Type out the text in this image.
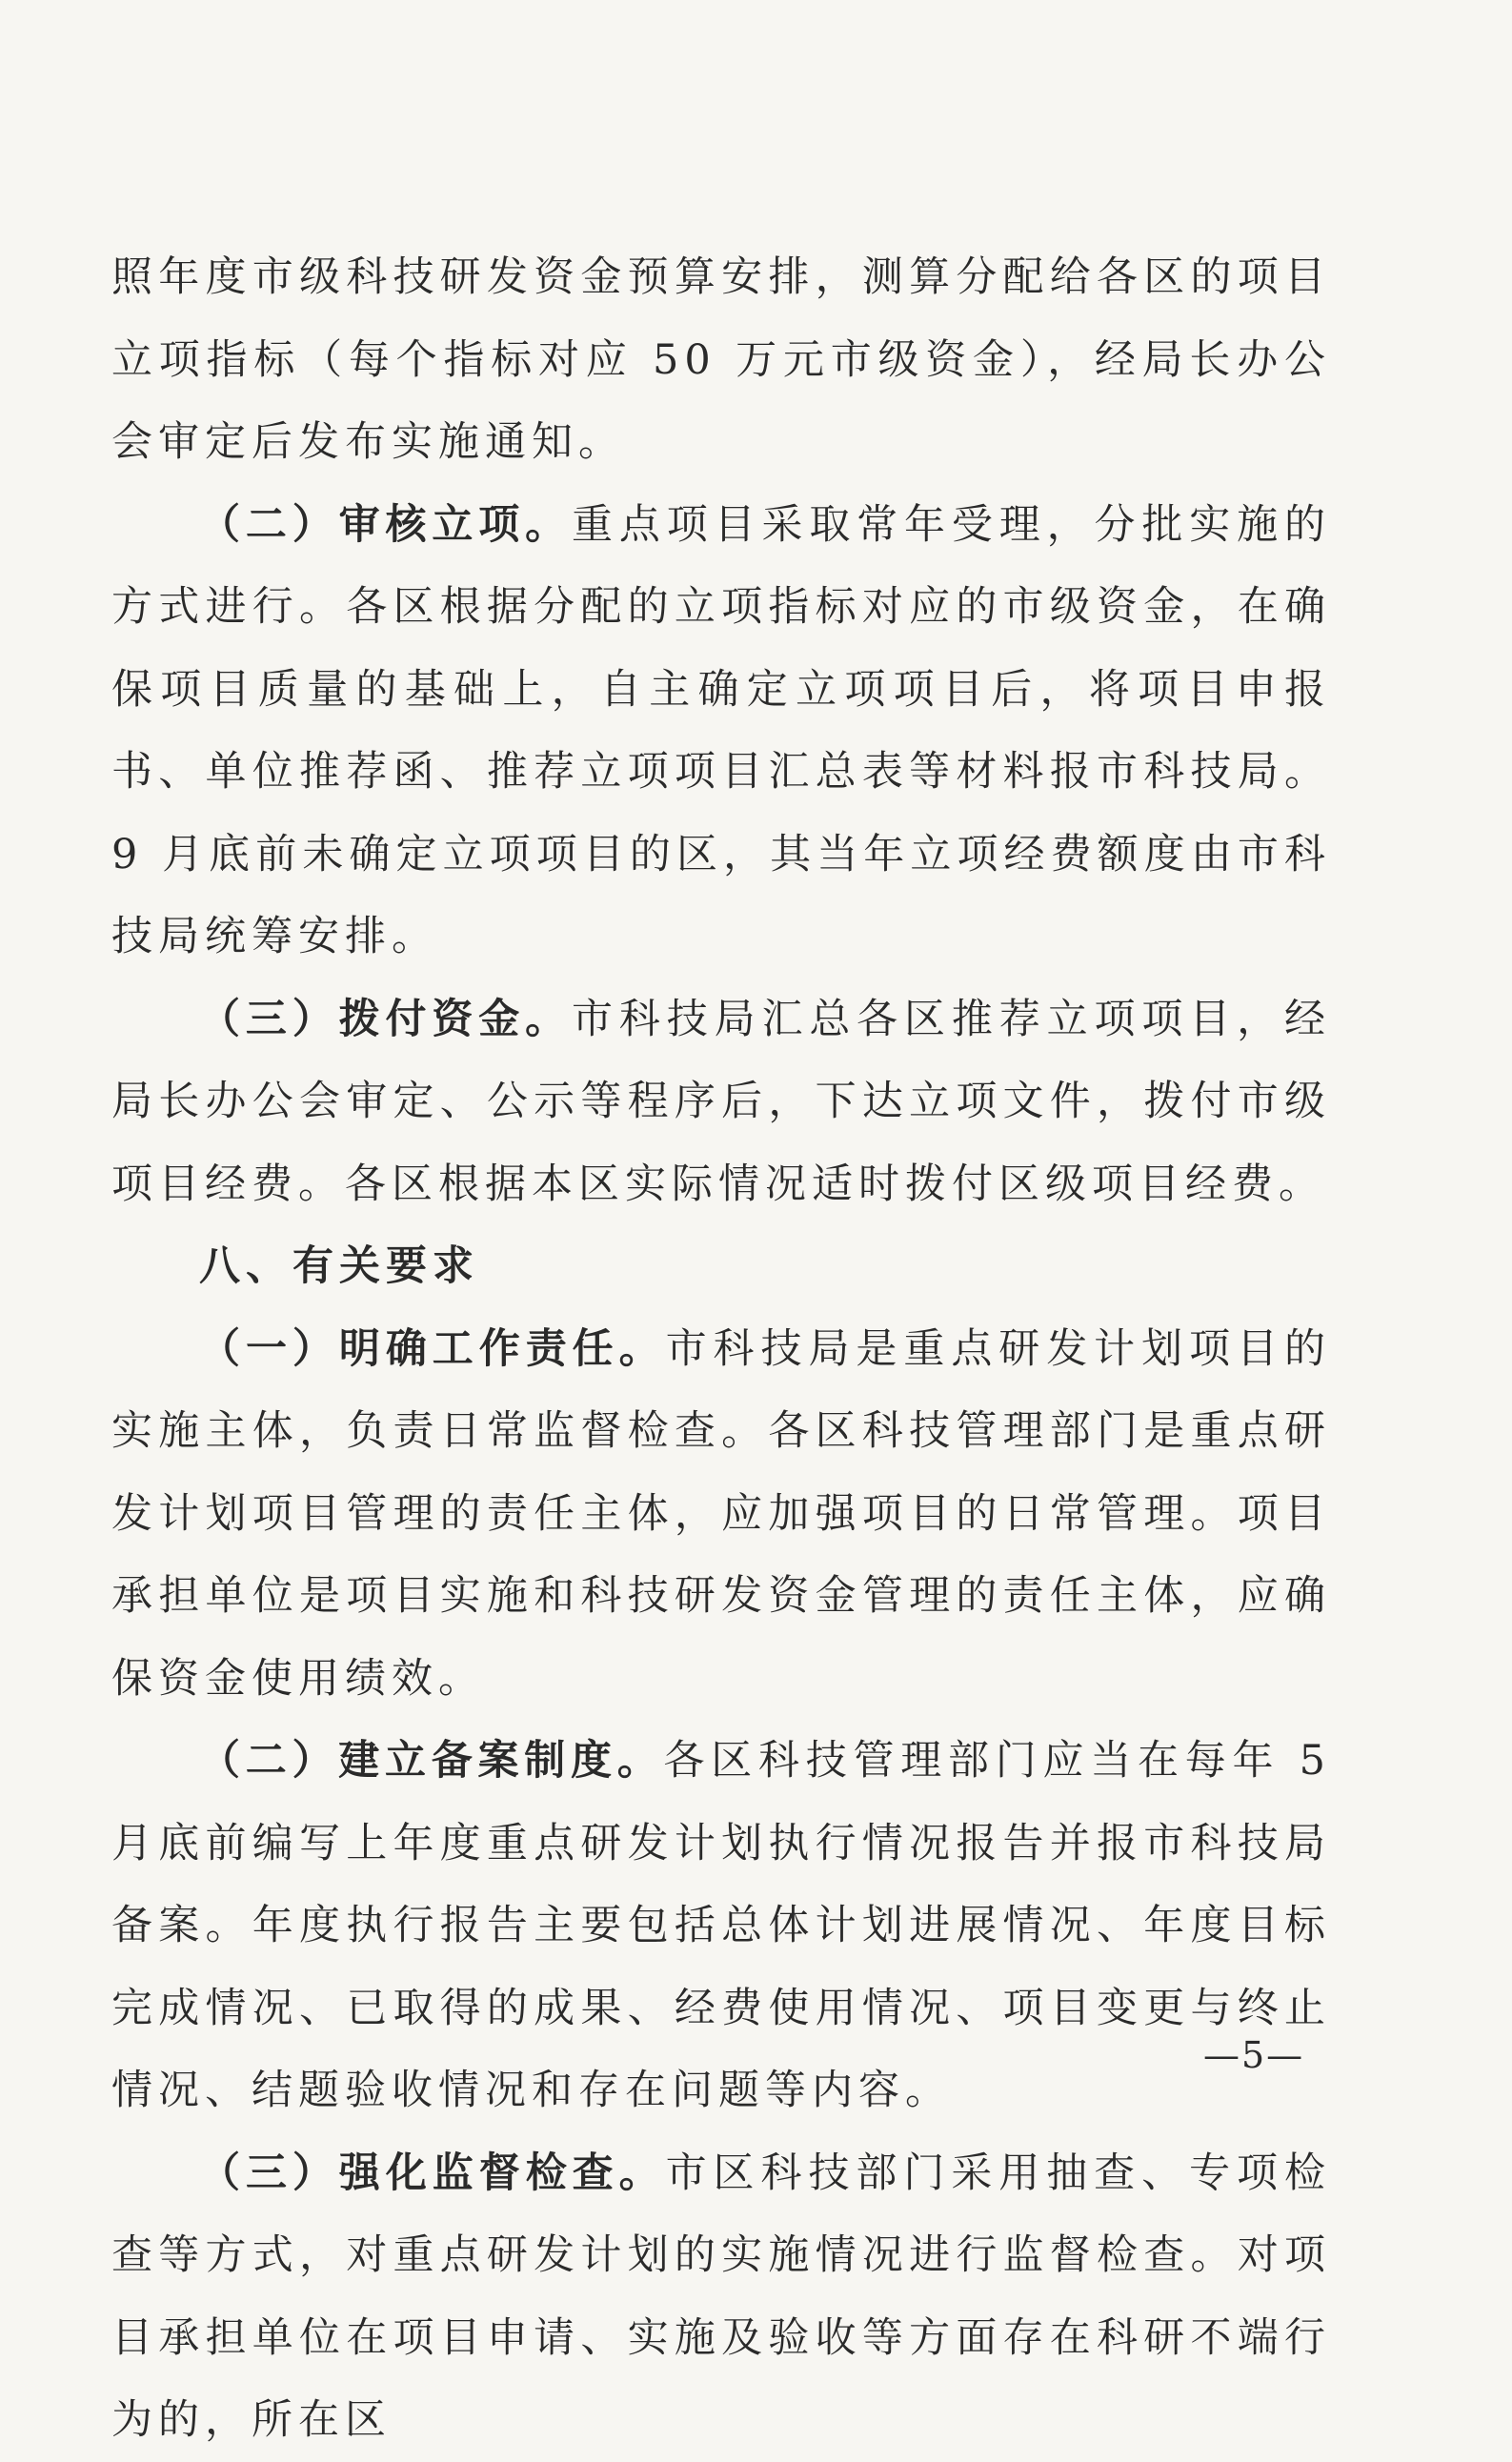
照年度市级科技研发资金预算安排，测算分配给各区的项目立项指标（每个指标对应 50 万元市级资金），经局长办公会审定后发布实施通知。

（二）审核立项。重点项目采取常年受理，分批实施的方式进行。各区根据分配的立项指标对应的市级资金，在确保项目质量的基础上，自主确定立项项目后，将项目申报书、单位推荐函、推荐立项项目汇总表等材料报市科技局。9 月底前未确定立项项目的区，其当年立项经费额度由市科技局统筹安排。

（三）拨付资金。市科技局汇总各区推荐立项项目，经局长办公会审定、公示等程序后，下达立项文件，拨付市级项目经费。各区根据本区实际情况适时拨付区级项目经费。

八、有关要求

（一）明确工作责任。市科技局是重点研发计划项目的实施主体，负责日常监督检查。各区科技管理部门是重点研发计划项目管理的责任主体，应加强项目的日常管理。项目承担单位是项目实施和科技研发资金管理的责任主体，应确保资金使用绩效。

（二）建立备案制度。各区科技管理部门应当在每年 5 月底前编写上年度重点研发计划执行情况报告并报市科技局备案。年度执行报告主要包括总体计划进展情况、年度目标完成情况、已取得的成果、经费使用情况、项目变更与终止情况、结题验收情况和存在问题等内容。

（三）强化监督检查。市区科技部门采用抽查、专项检查等方式，对重点研发计划的实施情况进行监督检查。对项目承担单位在项目申请、实施及验收等方面存在科研不端行为的，所在区

—5—
